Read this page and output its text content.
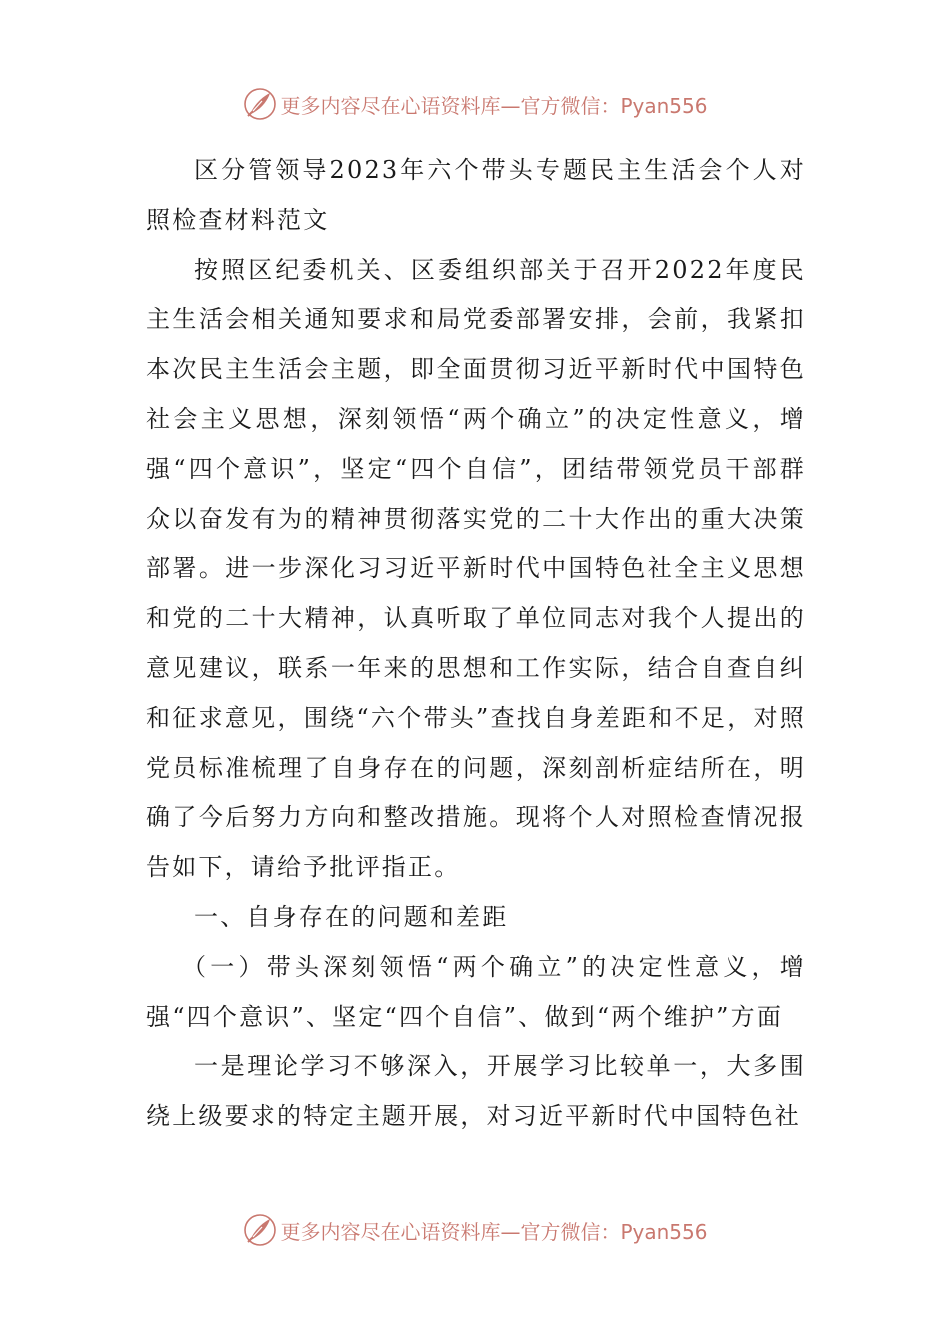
更多内容尽在心语资料库—官方微信：Pyan556

区分管领导2023年六个带头专题民主生活会个人对照检查材料范文

按照区纪委机关、区委组织部关于召开2022年度民主生活会相关通知要求和局党委部署安排，会前，我紧扣本次民主生活会主题，即全面贯彻习近平新时代中国特色社会主义思想，深刻领悟“两个确立”的决定性意义，增强“四个意识”，坚定“四个自信”，团结带领党员干部群众以奋发有为的精神贯彻落实党的二十大作出的重大决策部署。进一步深化习习近平新时代中国特色社全主义思想和党的二十大精神，认真听取了单位同志对我个人提出的意见建议，联系一年来的思想和工作实际，结合自查自纠和征求意见，围绕“六个带头”查找自身差距和不足，对照党员标准梳理了自身存在的问题，深刻剖析症结所在，明确了今后努力方向和整改措施。现将个人对照检查情况报告如下，请给予批评指正。

一、自身存在的问题和差距

（一）带头深刻领悟“两个确立”的决定性意义，增强“四个意识”、坚定“四个自信”、做到“两个维护”方面

一是理论学习不够深入，开展学习比较单一，大多围绕上级要求的特定主题开展，对习近平新时代中国特色社

更多内容尽在心语资料库—官方微信：Pyan556
